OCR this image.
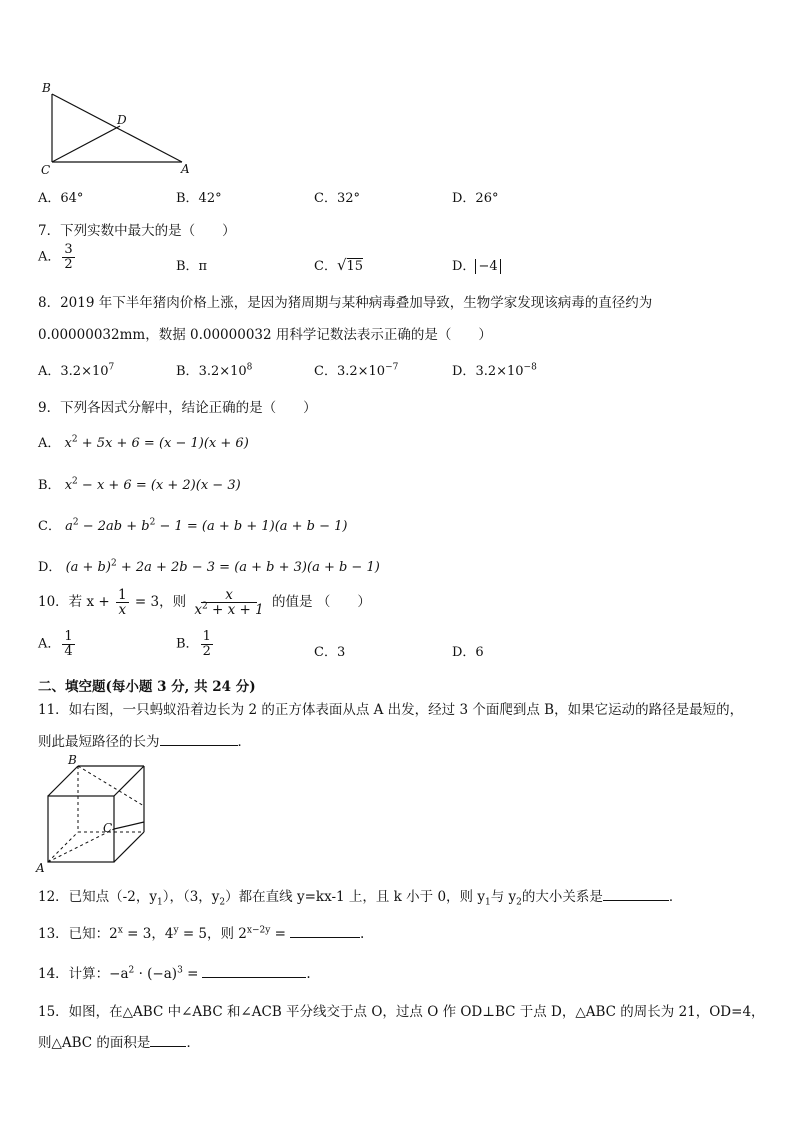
B
D
C	A
A．64°	B．42°	C．32°	D．26°
7．下列实数中最大的是（　　）
A． $\frac{3}{2}$	B．π	C．√15	D． −4
8．2019 年下半年猪肉价格上涨，是因为猪周期与某种病毒叠加导致，生物学家发现该病毒的直径约为
0.00000032mm，数据 0.00000032 用科学记数法表示正确的是（　　）
A．$3.2\times 10^7$	B．$3.2\times 10^8$	C．$3.2\times 10^{-7}$	D．$3.2\times 10^{-8}$
9．下列各因式分解中，结论正确的是（　　）
A． $x^2 + 5x + 6 = (x - 1)(x + 6)$
B． $x^2 - x + 6 = (x + 2)(x - 3)$
C． $a^2 - 2ab + b^2 - 1 = (a + b + 1)(a + b - 1)$
D． $(a + b)^2 + 2a + 2b - 3 = (a + b + 3)(a + b - 1)$
10．若 $x + \frac{1}{x} = 3$，则 $\frac{x}{x^2 + x + 1}$ 的值是 （　　）
A． $\frac{1}{4}$	B． $\frac{1}{2}$	C．3	D．6
二、填空题(每小题 3 分, 共 24 分)
11．如右图，一只蚂蚁沿着边长为 2 的正方体表面从点 A 出发，经过 3 个面爬到点 B，如果它运动的路径是最短的，
则此最短路径的长为	．
B
C
A
12．已知点（-2，$y_1$），（3，$y_2$）都在直线 y=kx-1 上，且 k 小于 0，则 $y_1$与 $y_2$的大小关系是	．
13．已知：$2^x = 3$，$4^y = 5$，则 $2^{x-2y}$ =	.
14．计算：$-a^2 \cdot (-a)^3$ =	.
15．如图，在△ABC 中∠ABC 和∠ACB 平分线交于点 O，过点 O 作 OD⊥BC 于点 D，△ABC 的周长为 21，OD=4，
则△ABC 的面积是	．
